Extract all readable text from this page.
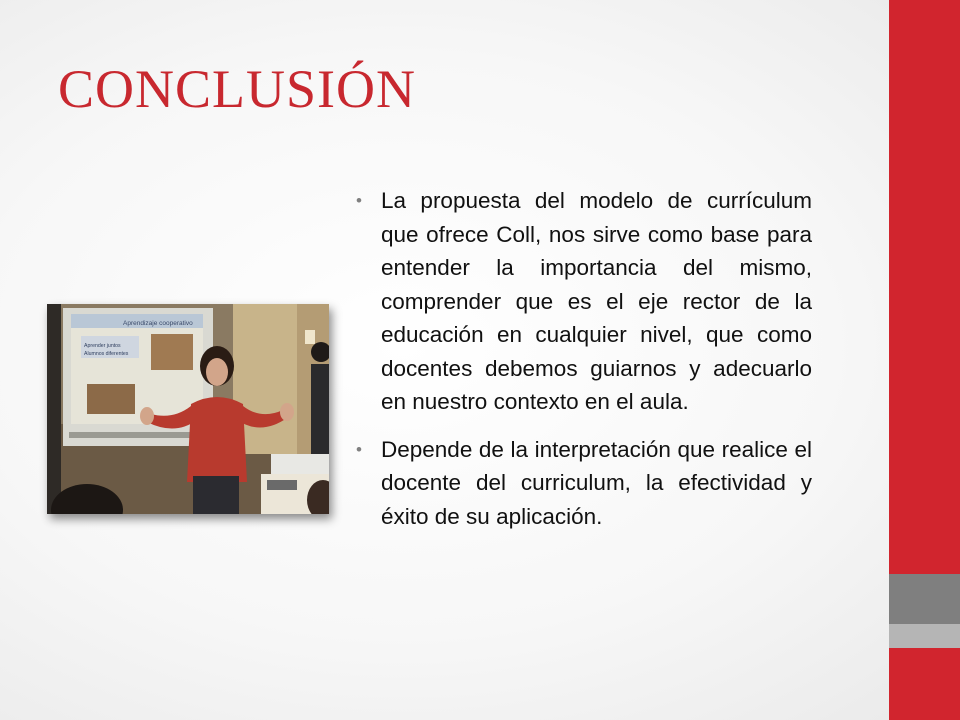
CONCLUSIÓN
Aprendizaje cooperativo
Aprender juntos
Alumnos diferentes

• La propuesta del modelo de currículum que ofrece Coll, nos sirve como base para entender la importancia del mismo, comprender que es el eje rector de la educación en cualquier nivel, que como docentes debemos guiarnos y adecuarlo en nuestro contexto en el aula.

• Depende de la interpretación que realice el docente del curriculum, la efectividad y éxito de su aplicación.
